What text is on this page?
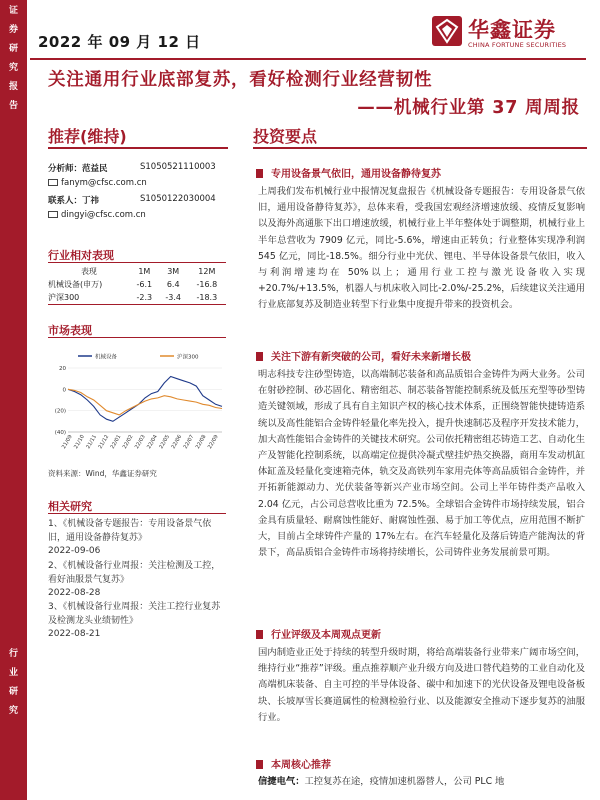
证
券
研
究
报
告
行
业
研
究
2022 年 09 月 12 日	华鑫证券
CHINA FORTUNE SECURITIES
关注通用行业底部复苏，看好检测行业经营韧性
——机械行业第 37 周周报
推荐(维持)
分析师：范益民	S1050521110003
fanym@cfsc.com.cn
联系人：丁祎	S1050122030004
dingyi@cfsc.com.cn
行业相对表现
表现	1M	3M	12M
机械设备(申万)	-6.1	6.4	-16.8
沪深300	-2.3	-3.4	-18.3
市场表现
机械设备	沪深300
(40)
(20)
0
20
21/09 21/10 21/11 21/12 22/01 22/02 22/03 22/04 22/05 22/06 22/07 22/08 22/09
资料来源：Wind，华鑫证券研究
相关研究
1、《机械设备专题报告：专用设备景气依旧，通用设备静待复苏》
2022-09-06
2、《机械设备行业周报：关注检测及工控，看好油服景气复苏》
2022-08-28
3、《机械设备行业周报：关注工控行业复苏及检测龙头业绩韧性》
2022-08-21
投资要点
专用设备景气依旧，通用设备静待复苏

上周我们发布机械行业中报情况复盘报告《机械设备专题报告：专用设备景气依旧，通用设备静待复苏》，总体来看，受我国宏观经济增速放缓、疫情反复影响以及海外高通胀下出口增速放缓，机械行业上半年整体处于调整期，机械行业上半年总营收为 7909 亿元，同比-5.6%，增速由正转负；行业整体实现净利润 545 亿元，同比-18.5%。细分行业中光伏、锂电、半导体设备景气依旧，收入与利润增速均在 50%以上；通用行业工控与激光设备收入实现+20.7%/+13.5%，机器人与机床收入同比-2.0%/-25.2%，后续建议关注通用行业底部复苏及制造业转型下行业集中度提升带来的投资机会。

关注下游有新突破的公司，看好未来新增长极

明志科技专注砂型铸造，以高端制芯装备和高品质铝合金铸件为两大业务。公司在射砂控制、砂芯固化、精密组芯、制芯装备智能控制系统及低压充型等砂型铸造关键领域，形成了具有自主知识产权的核心技术体系，正围绕智能快捷铸造系统以及高性能铝合金铸件轻量化率先投入，提升快速制芯及程序开发技术能力，加大高性能铝合金铸件的关键技术研究。公司依托精密组芯铸造工艺、自动化生产及智能化控制系统，以高端定位提供冷凝式壁挂炉热交换器，商用车发动机缸体缸盖及轻量化变速箱壳体，轨交及高铁列车家用壳体等高品质铝合金铸件，并开拓新能源动力、光伏装备等新兴产业市场空间。公司上半年铸件类产品收入 2.04 亿元，占公司总营收比重为 72.5%。全球铝合金铸件市场持续发展，铝合金具有质量轻、耐腐蚀性能好、耐腐蚀性强、易于加工等优点，应用范围不断扩大，目前占全球铸件产量的 17%左右。在汽车轻量化及落后铸造产能淘汰的背景下，高品质铝合金铸件市场将持续增长，公司铸件业务发展前景可期。

行业评级及本周观点更新

国内制造业正处于持续的转型升级时期，将给高端装备行业带来广阔市场空间，维持行业“推荐”评级。重点推荐顺产业升级方向及进口替代趋势的工业自动化及高端机床装备、自主可控的半导体设备、碳中和加速下的光伏设备及锂电设备板块、长坡厚雪长赛道属性的检测检验行业、以及能源安全推动下逐步复苏的油服行业。

本周核心推荐

信捷电气：工控复苏在途，疫情加速机器替人，公司 PLC 地
